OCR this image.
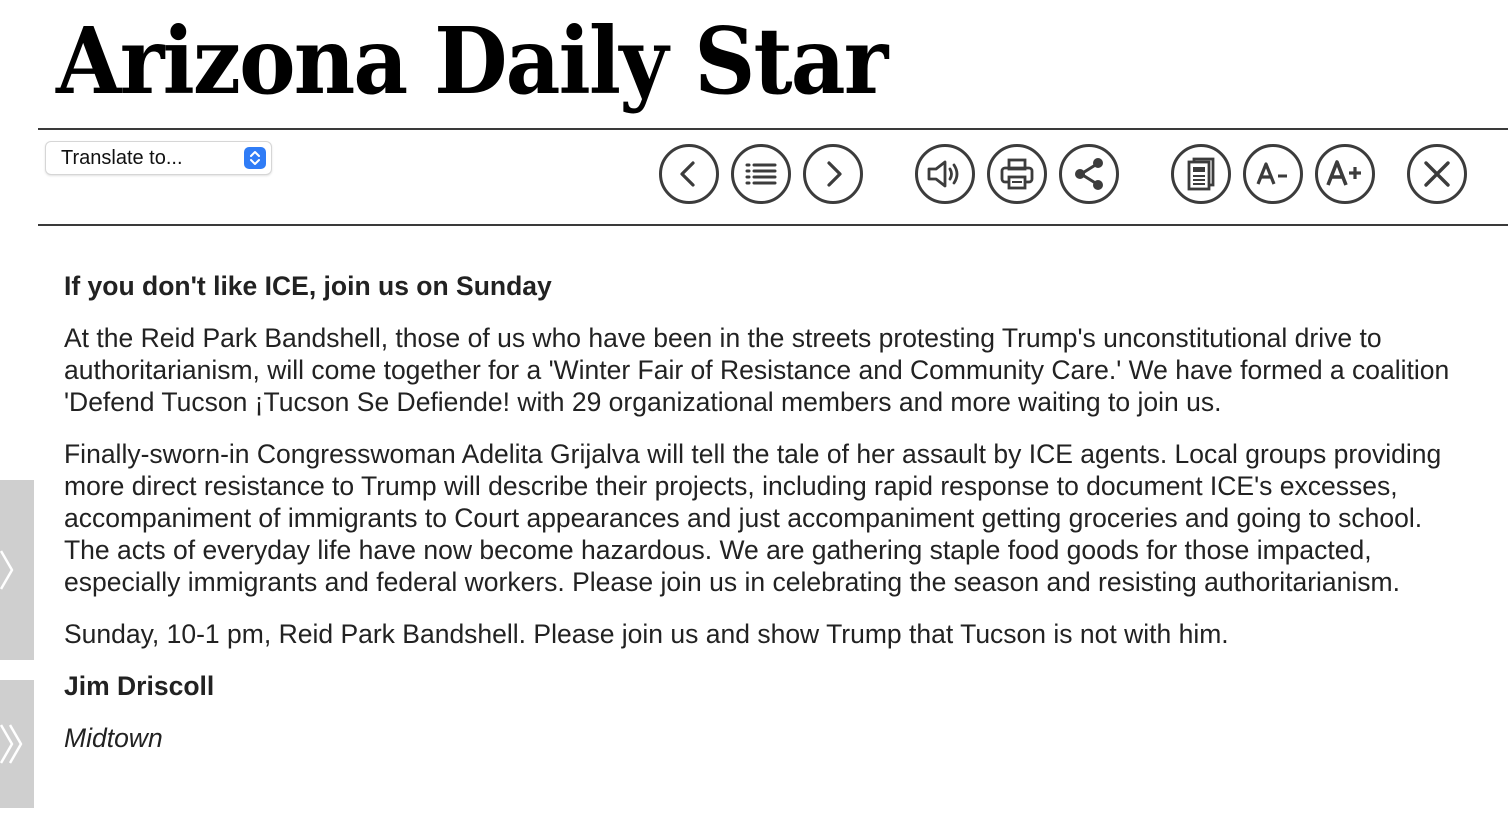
Arizona Daily Star
Translate to...
If you don't like ICE, join us on Sunday

At the Reid Park Bandshell, those of us who have been in the streets protesting Trump's unconstitutional drive to authoritarianism, will come together for a 'Winter Fair of Resistance and Community Care.' We have formed a coalition 'Defend Tucson ¡Tucson Se Defiende! with 29 organizational members and more waiting to join us.

Finally-sworn-in Congresswoman Adelita Grijalva will tell the tale of her assault by ICE agents. Local groups providing more direct resistance to Trump will describe their projects, including rapid response to document ICE's excesses, accompaniment of immigrants to Court appearances and just accompaniment getting groceries and going to school. The acts of everyday life have now become hazardous. We are gathering staple food goods for those impacted, especially immigrants and federal workers. Please join us in celebrating the season and resisting authoritarianism.

Sunday, 10-1 pm, Reid Park Bandshell. Please join us and show Trump that Tucson is not with him.

Jim Driscoll
Midtown
